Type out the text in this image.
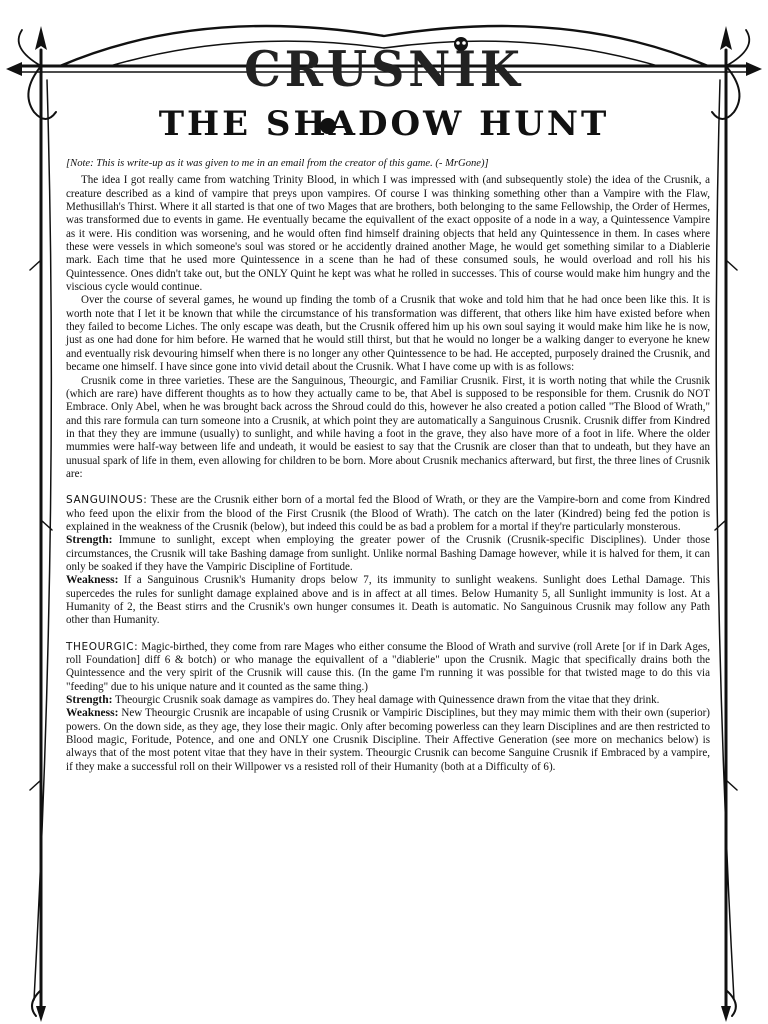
CRUSNIK
THE SHADOW HUNT

[Note: This is write-up as it was given to me in an email from the creator of this game. (- MrGone)]

The idea I got really came from watching Trinity Blood, in which I was impressed with (and subsequently stole) the idea of the Crusnik, a creature described as a kind of vampire that preys upon vampires. Of course I was thinking something other than a Vampire with the Flaw, Methusillah's Thirst. Where it all started is that one of two Mages that are brothers, both belonging to the same Fellowship, the Order of Hermes, was transformed due to events in game. He eventually became the equivallent of the exact opposite of a node in a way, a Quintessence Vampire as it were. His condition was worsening, and he would often find himself draining objects that held any Quintessence in them. In cases where these were vessels in which someone's soul was stored or he accidently drained another Mage, he would get something similar to a Diablerie mark. Each time that he used more Quintessence in a scene than he had of these consumed souls, he would overload and roll his his Quintessence. Ones didn't take out, but the ONLY Quint he kept was what he rolled in successes. This of course would make him hungry and the viscious cycle would continue.

Over the course of several games, he wound up finding the tomb of a Crusnik that woke and told him that he had once been like this. It is worth note that I let it be known that while the circumstance of his transformation was different, that others like him have existed before when they failed to become Liches. The only escape was death, but the Crusnik offered him up his own soul saying it would make him like he is now, just as one had done for him before. He warned that he would still thirst, but that he would no longer be a walking danger to everyone he knew and eventually risk devouring himself when there is no longer any other Quintessence to be had. He accepted, purposely drained the Crusnik, and became one himself. I have since gone into vivid detail about the Crusnik. What I have come up with is as follows:

Crusnik come in three varieties. These are the Sanguinous, Theourgic, and Familiar Crusnik. First, it is worth noting that while the Crusnik (which are rare) have different thoughts as to how they actually came to be, that Abel is supposed to be responsible for them. Crusnik do NOT Embrace. Only Abel, when he was brought back across the Shroud could do this, however he also created a potion called "The Blood of Wrath," and this rare formula can turn someone into a Crusnik, at which point they are automatically a Sanguinous Crusnik. Crusnik differ from Kindred in that they they are immune (usually) to sunlight, and while having a foot in the grave, they also have more of a foot in life. Where the older mummies were half-way between life and undeath, it would be easiest to say that the Crusnik are closer than that to undeath, but they have an unusual spark of life in them, even allowing for children to be born. More about Crusnik mechanics afterward, but first, the three lines of Crusnik are:

SANGUINOUS: These are the Crusnik either born of a mortal fed the Blood of Wrath, or they are the Vampire-born and come from Kindred who feed upon the elixir from the blood of the First Crusnik (the Blood of Wrath). The catch on the later (Kindred) being fed the potion is explained in the weakness of the Crusnik (below), but indeed this could be as bad a problem for a mortal if they're particularly monsterous.

Strength: Immune to sunlight, except when employing the greater power of the Crusnik (Crusnik-specific Disciplines). Under those circumstances, the Crusnik will take Bashing damage from sunlight. Unlike normal Bashing Damage however, while it is halved for them, it can only be soaked if they have the Vampiric Discipline of Fortitude.

Weakness: If a Sanguinous Crusnik's Humanity drops below 7, its immunity to sunlight weakens. Sunlight does Lethal Damage. This supercedes the rules for sunlight damage explained above and is in affect at all times. Below Humanity 5, all Sunlight immunity is lost. At a Humanity of 2, the Beast stirrs and the Crusnik's own hunger consumes it. Death is automatic. No Sanguinous Crusnik may follow any Path other than Humanity.

THEOURGIC: Magic-birthed, they come from rare Mages who either consume the Blood of Wrath and survive (roll Arete [or if in Dark Ages, roll Foundation] diff 6 & botch) or who manage the equivallent of a "diablerie" upon the Crusnik. Magic that specifically drains both the Quintessence and the very spirit of the Crusnik will cause this. (In the game I'm running it was possible for that twisted mage to do this via "feeding" due to his unique nature and it counted as the same thing.)

Strength: Theourgic Crusnik soak damage as vampires do. They heal damage with Quinessence drawn from the vitae that they drink.

Weakness: New Theourgic Crusnik are incapable of using Crusnik or Vampiric Disciplines, but they may mimic them with their own (superior) powers. On the down side, as they age, they lose their magic. Only after becoming powerless can they learn Disciplines and are then restricted to Blood magic, Foritude, Potence, and one and ONLY one Crusnik Discipline. Their Affective Generation (see more on mechanics below) is always that of the most potent vitae that they have in their system. Theourgic Crusnik can become Sanguine Crusnik if Embraced by a vampire, if they make a successful roll on their Willpower vs a resisted roll of their Humanity (both at a Difficulty of 6).
